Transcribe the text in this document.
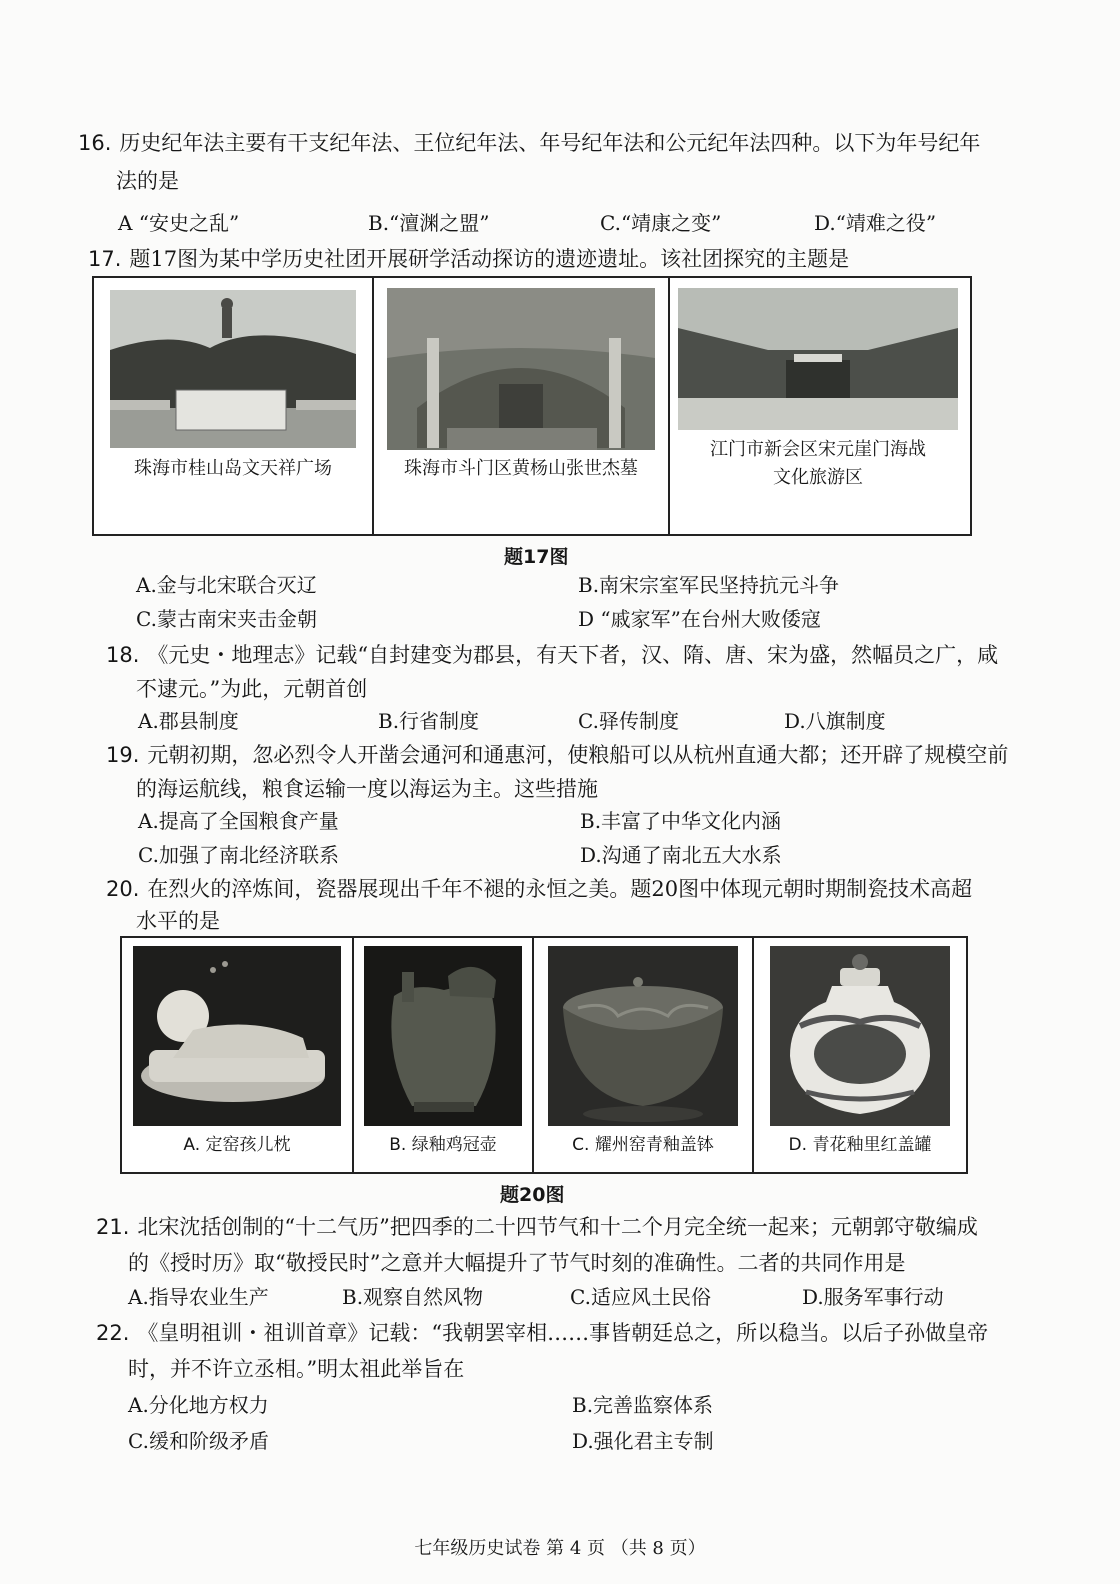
16. 历史纪年法主要有干支纪年法、王位纪年法、年号纪年法和公元纪年法四种。以下为年号纪年
法的是
A “安史之乱”	B.“澶渊之盟”	C.“靖康之变”	D.“靖难之役”
17. 题17图为某中学历史社团开展研学活动探访的遗迹遗址。该社团探究的主题是
珠海市桂山岛文天祥广场	珠海市斗门区黄杨山张世杰墓
江门市新会区宋元崖门海战
文化旅游区
题17图
A.金与北宋联合灭辽	B.南宋宗室军民坚持抗元斗争
C.蒙古南宋夹击金朝	D “戚家军”在台州大败倭寇
18. 《元史・地理志》记载“自封建变为郡县，有天下者，汉、隋、唐、宋为盛，然幅员之广，咸
不逮元。”为此，元朝首创
A.郡县制度	B.行省制度	C.驿传制度	D.八旗制度
19. 元朝初期，忽必烈令人开凿会通河和通惠河，使粮船可以从杭州直通大都；还开辟了规模空前
的海运航线，粮食运输一度以海运为主。这些措施
A.提高了全国粮食产量	B.丰富了中华文化内涵
C.加强了南北经济联系	D.沟通了南北五大水系
20. 在烈火的淬炼间，瓷器展现出千年不褪的永恒之美。题20图中体现元朝时期制瓷技术高超
水平的是
A. 定窑孩儿枕	B. 绿釉鸡冠壶	C. 耀州窑青釉盖钵	D. 青花釉里红盖罐
题20图
21. 北宋沈括创制的“十二气历”把四季的二十四节气和十二个月完全统一起来；元朝郭守敬编成
的《授时历》取“敬授民时”之意并大幅提升了节气时刻的准确性。二者的共同作用是
A.指导农业生产	B.观察自然风物	C.适应风土民俗	D.服务军事行动
22. 《皇明祖训・祖训首章》记载：“我朝罢宰相……事皆朝廷总之，所以稳当。以后子孙做皇帝
时，并不许立丞相。”明太祖此举旨在
A.分化地方权力	B.完善监察体系
C.缓和阶级矛盾	D.强化君主专制
七年级历史试卷 第 4 页 （共 8 页）
